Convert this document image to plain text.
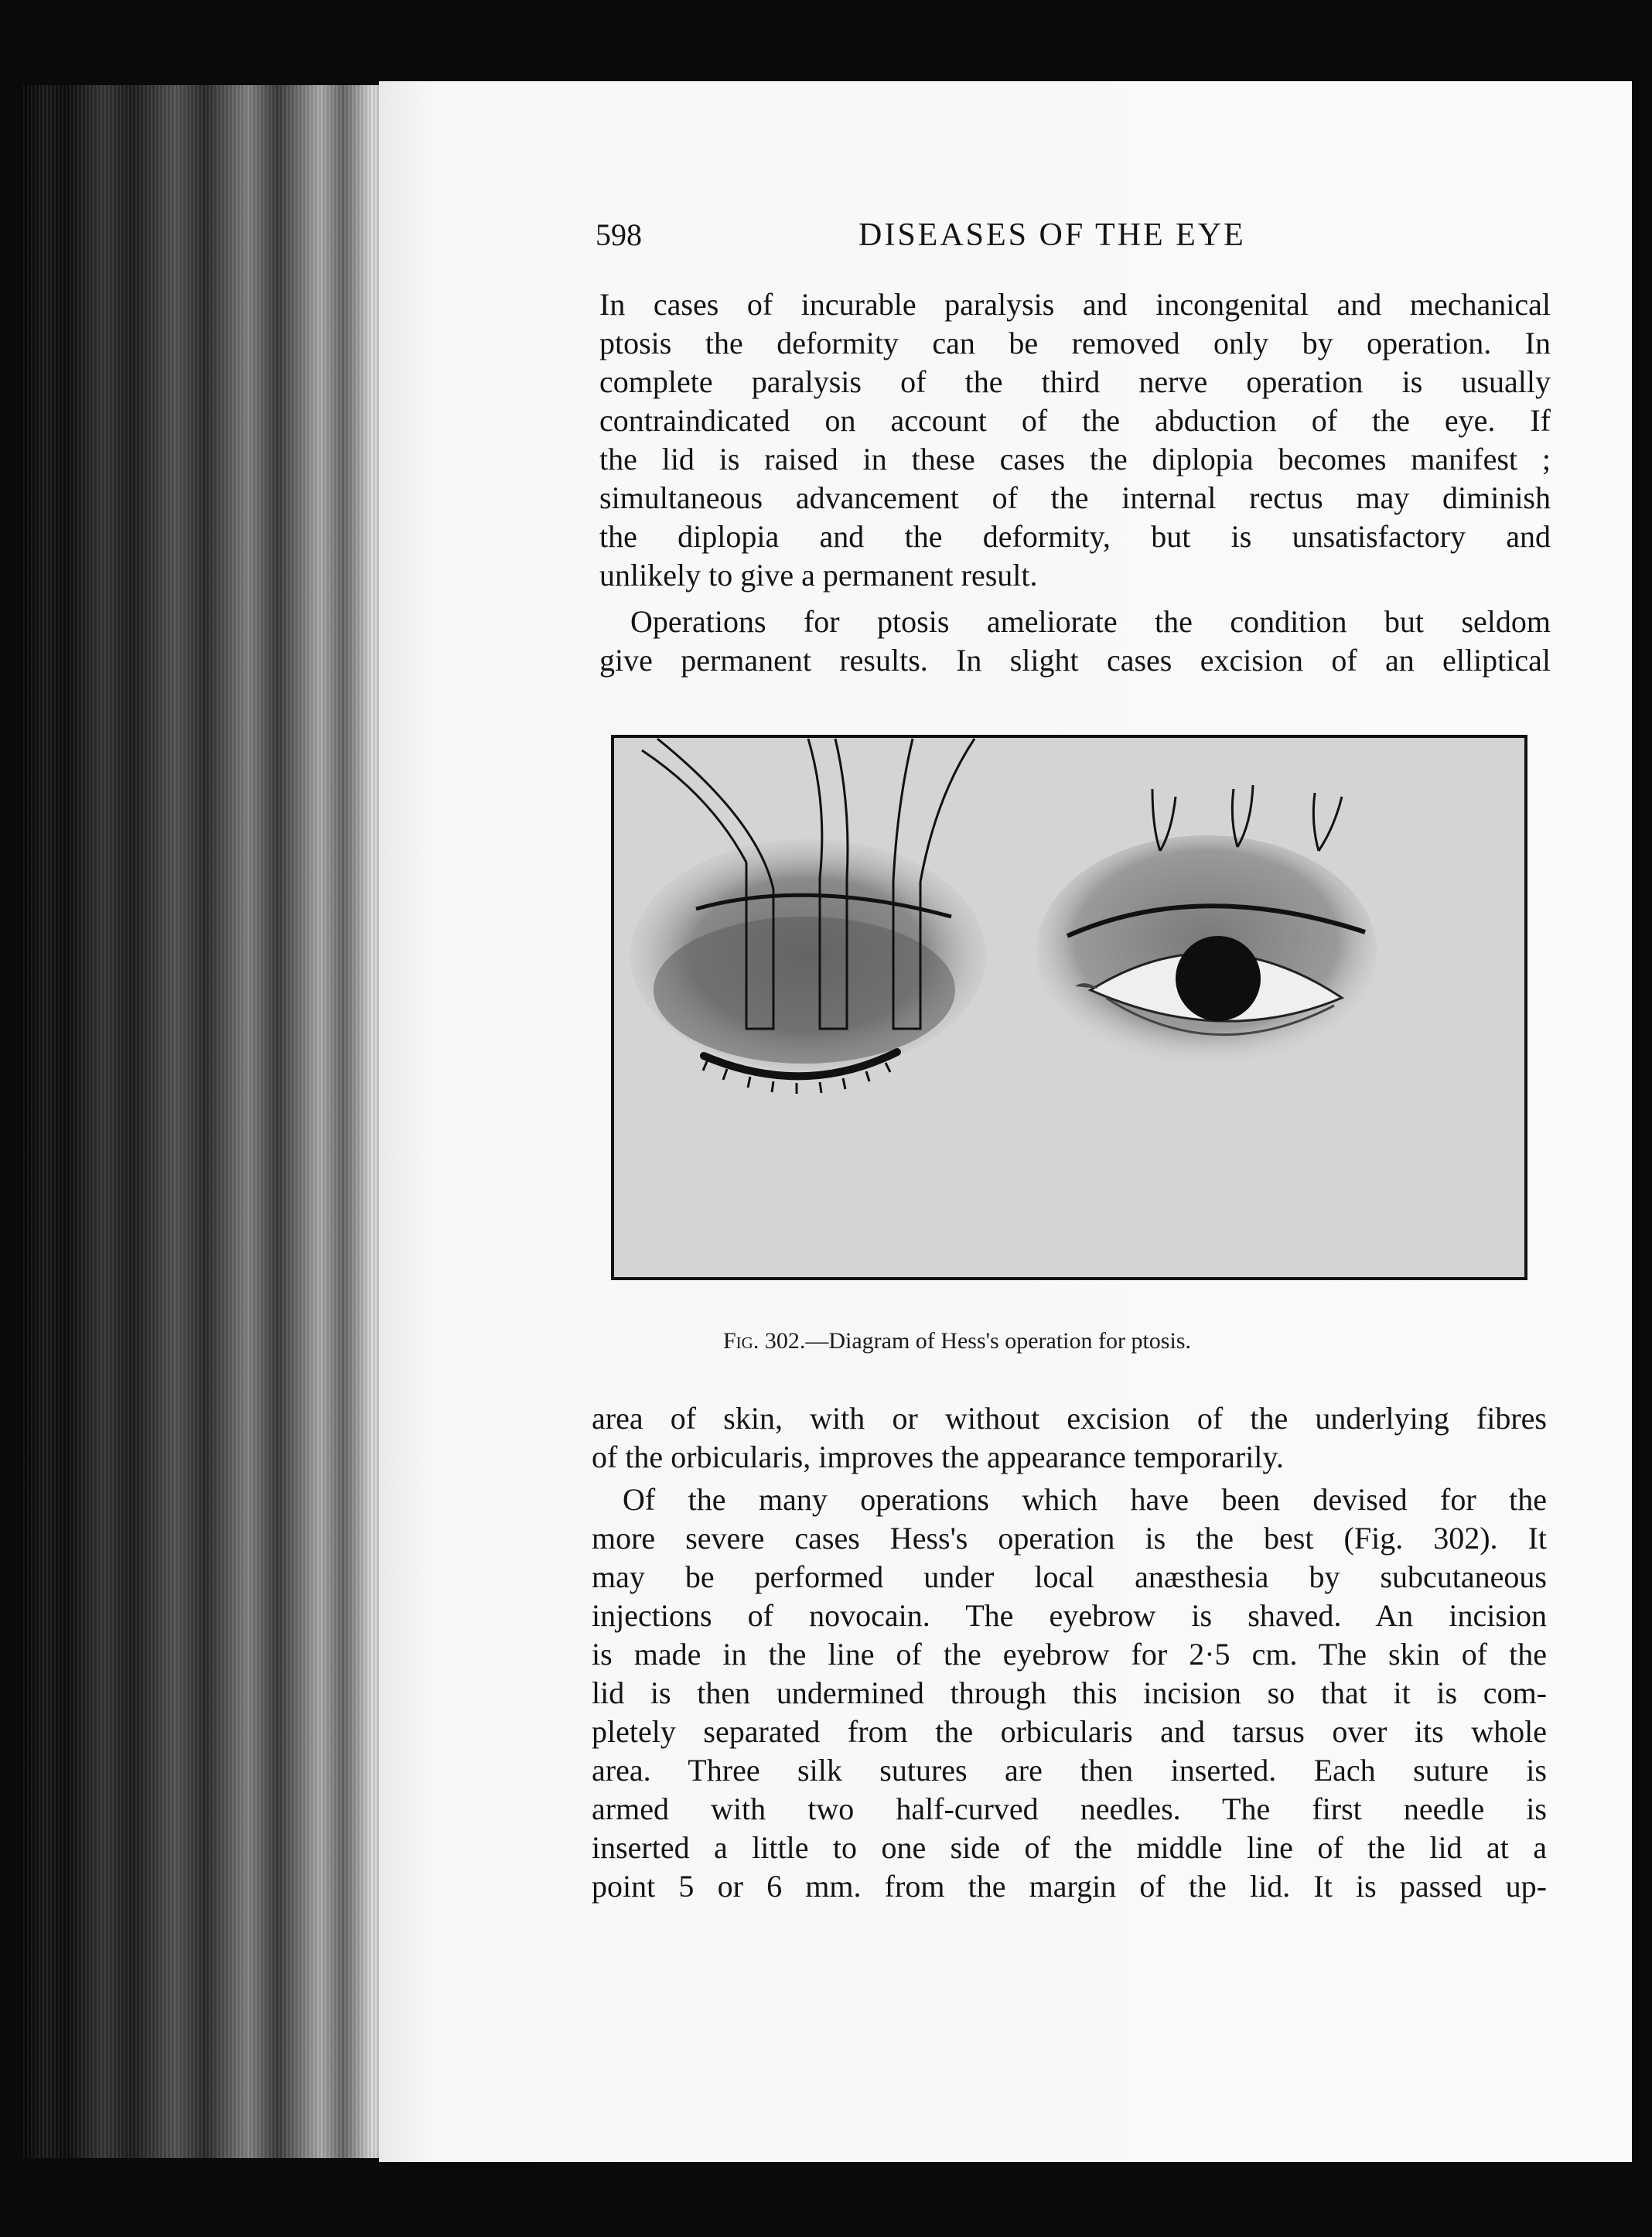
598	DISEASES OF THE EYE
In cases of incurable paralysis and incongenital and mechanical
ptosis the deformity can be removed only by operation. In
complete paralysis of the third nerve operation is usually
contraindicated on account of the abduction of the eye. If
the lid is raised in these cases the diplopia becomes manifest ;
simultaneous advancement of the internal rectus may diminish
the diplopia and the deformity, but is unsatisfactory and
unlikely to give a permanent result.
Operations for ptosis ameliorate the condition but seldom
give permanent results. In slight cases excision of an elliptical
Fig. 302.—Diagram of Hess's operation for ptosis.
area of skin, with or without excision of the underlying fibres
of the orbicularis, improves the appearance temporarily.
Of the many operations which have been devised for the
more severe cases Hess's operation is the best (Fig. 302). It
may be performed under local anæsthesia by subcutaneous
injections of novocain. The eyebrow is shaved. An incision
is made in the line of the eyebrow for 2·5 cm. The skin of the
lid is then undermined through this incision so that it is com-
pletely separated from the orbicularis and tarsus over its whole
area. Three silk sutures are then inserted. Each suture is
armed with two half-curved needles. The first needle is
inserted a little to one side of the middle line of the lid at a
point 5 or 6 mm. from the margin of the lid. It is passed up-
